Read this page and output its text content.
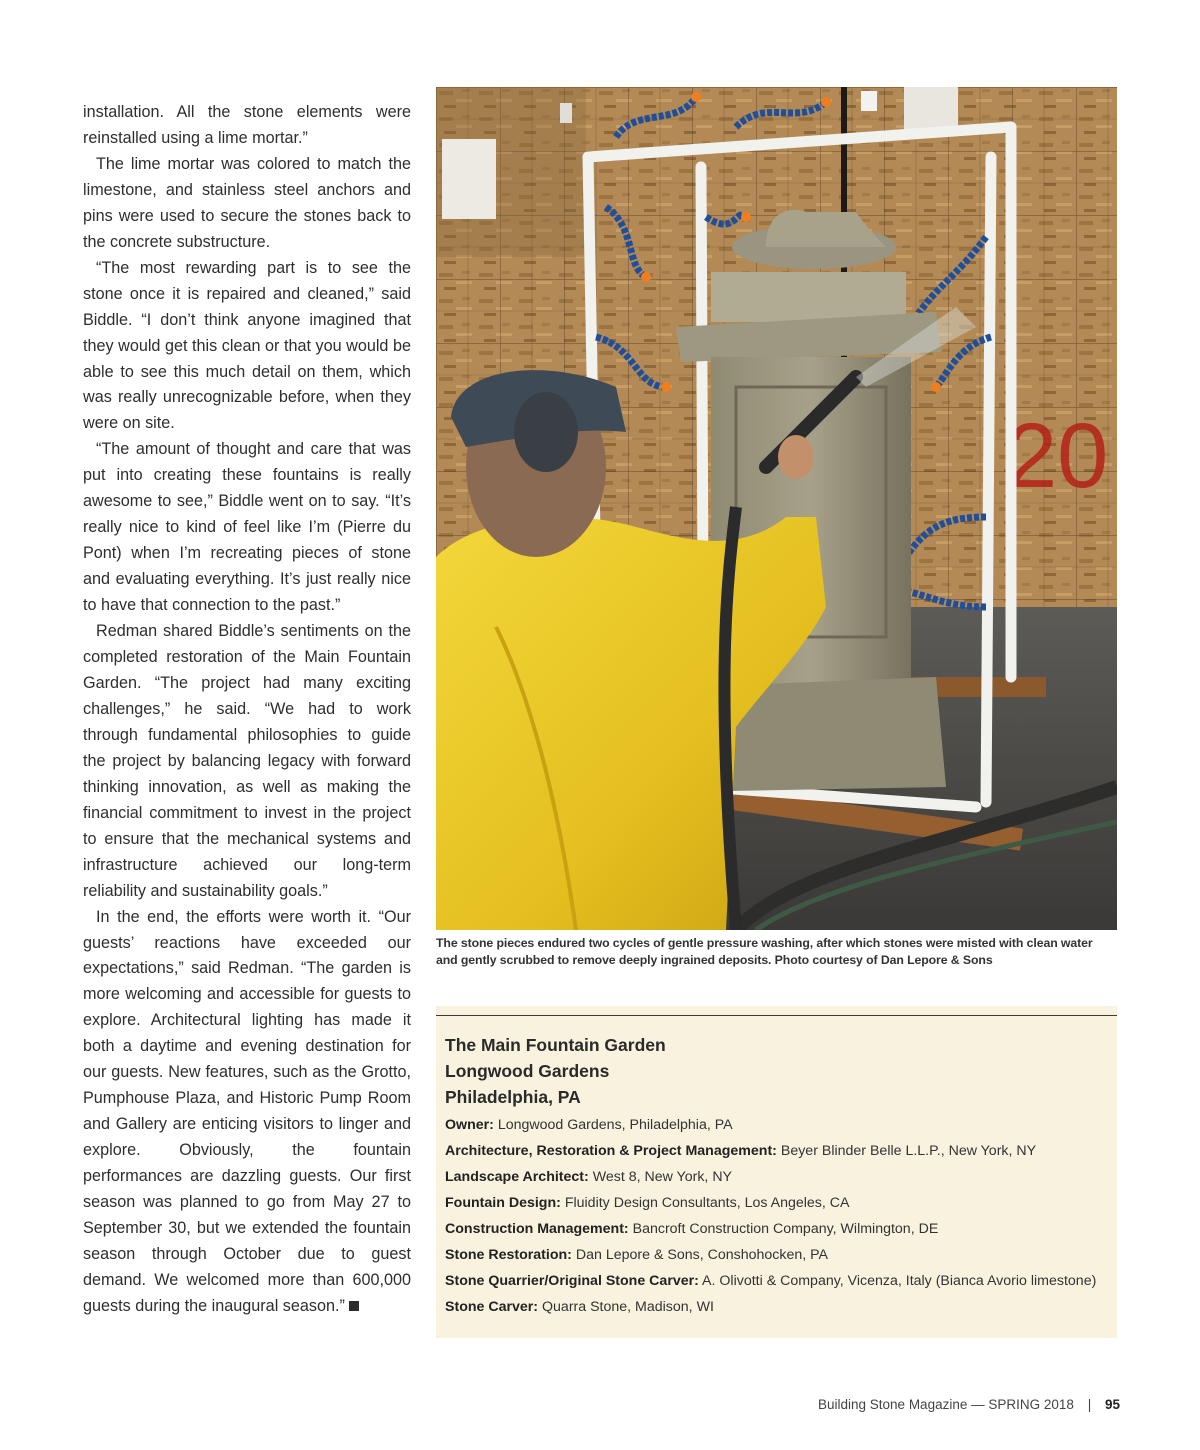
installation. All the stone elements were reinstalled using a lime mortar.”

The lime mortar was colored to match the limestone, and stainless steel anchors and pins were used to secure the stones back to the concrete substructure.

“The most rewarding part is to see the stone once it is repaired and cleaned,” said Biddle. “I don’t think anyone imagined that they would get this clean or that you would be able to see this much detail on them, which was really unrecognizable before, when they were on site.

“The amount of thought and care that was put into creating these fountains is really awesome to see,” Biddle went on to say. “It’s really nice to kind of feel like I’m (Pierre du Pont) when I’m recreating pieces of stone and evaluating everything. It’s just really nice to have that connection to the past.”

Redman shared Biddle’s sentiments on the completed restoration of the Main Fountain Garden. “The project had many exciting challenges,” he said. “We had to work through fundamental philosophies to guide the project by balancing legacy with forward thinking innovation, as well as making the financial commitment to invest in the project to ensure that the mechanical systems and infrastructure achieved our long-term reliability and sustainability goals.”

In the end, the efforts were worth it. “Our guests’ reactions have exceeded our expectations,” said Redman. “The garden is more welcoming and accessible for guests to explore. Architectural lighting has made it both a daytime and evening destination for our guests. New features, such as the Grotto, Pumphouse Plaza, and Historic Pump Room and Gallery are enticing visitors to linger and explore. Obviously, the fountain performances are dazzling guests. Our first season was planned to go from May 27 to September 30, but we extended the fountain season through October due to guest demand. We welcomed more than 600,000 guests during the inaugural season.”

20
The stone pieces endured two cycles of gentle pressure washing, after which stones were misted with clean water and gently scrubbed to remove deeply ingrained deposits. Photo courtesy of Dan Lepore & Sons
The Main Fountain Garden
Longwood Gardens
Philadelphia, PA
Owner: Longwood Gardens, Philadelphia, PA
Architecture, Restoration & Project Management: Beyer Blinder Belle L.L.P., New York, NY
Landscape Architect: West 8, New York, NY
Fountain Design: Fluidity Design Consultants, Los Angeles, CA
Construction Management: Bancroft Construction Company, Wilmington, DE
Stone Restoration: Dan Lepore & Sons, Conshohocken, PA
Stone Quarrier/Original Stone Carver: A. Olivotti & Company, Vicenza, Italy (Bianca Avorio limestone)
Stone Carver: Quarra Stone, Madison, WI
Building Stone Magazine — SPRING 2018 | 95
